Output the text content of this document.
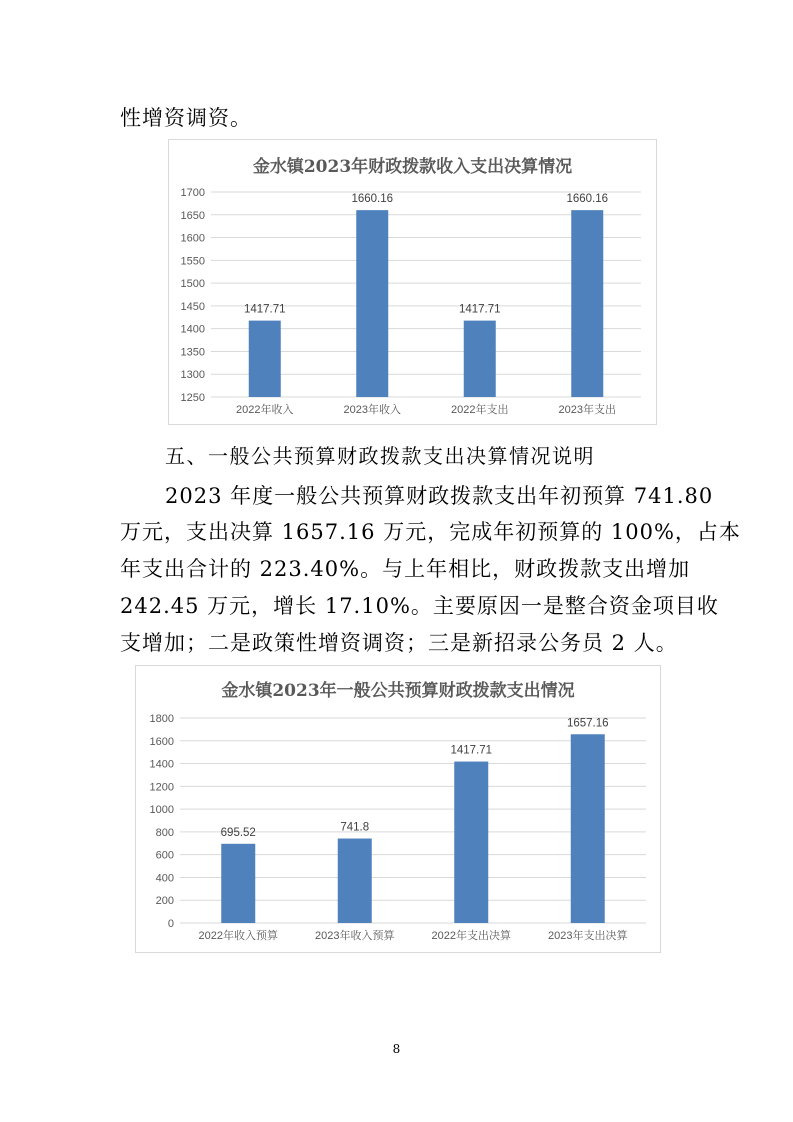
性增资调资。
金水镇2023年财政拨款收入支出决算情况
1250
1300
1350
1400
1450
1500
1550
1600
1650
1700
1417.71
2022年收入
1660.16
2023年收入
1417.71
2022年支出
1660.16
2023年支出
五、一般公共预算财政拨款支出决算情况说明
2023 年度一般公共预算财政拨款支出年初预算 741.80
万元，支出决算 1657.16 万元，完成年初预算的 100%，占本
年支出合计的 223.40%。与上年相比，财政拨款支出增加
242.45 万元，增长 17.10%。主要原因一是整合资金项目收
支增加；二是政策性增资调资；三是新招录公务员 2 人。
金水镇2023年一般公共预算财政拨款支出情况
0
200
400
600
800
1000
1200
1400
1600
1800
695.52
2022年收入预算
741.8
2023年收入预算
1417.71
2022年支出决算
1657.16
2023年支出决算
8
